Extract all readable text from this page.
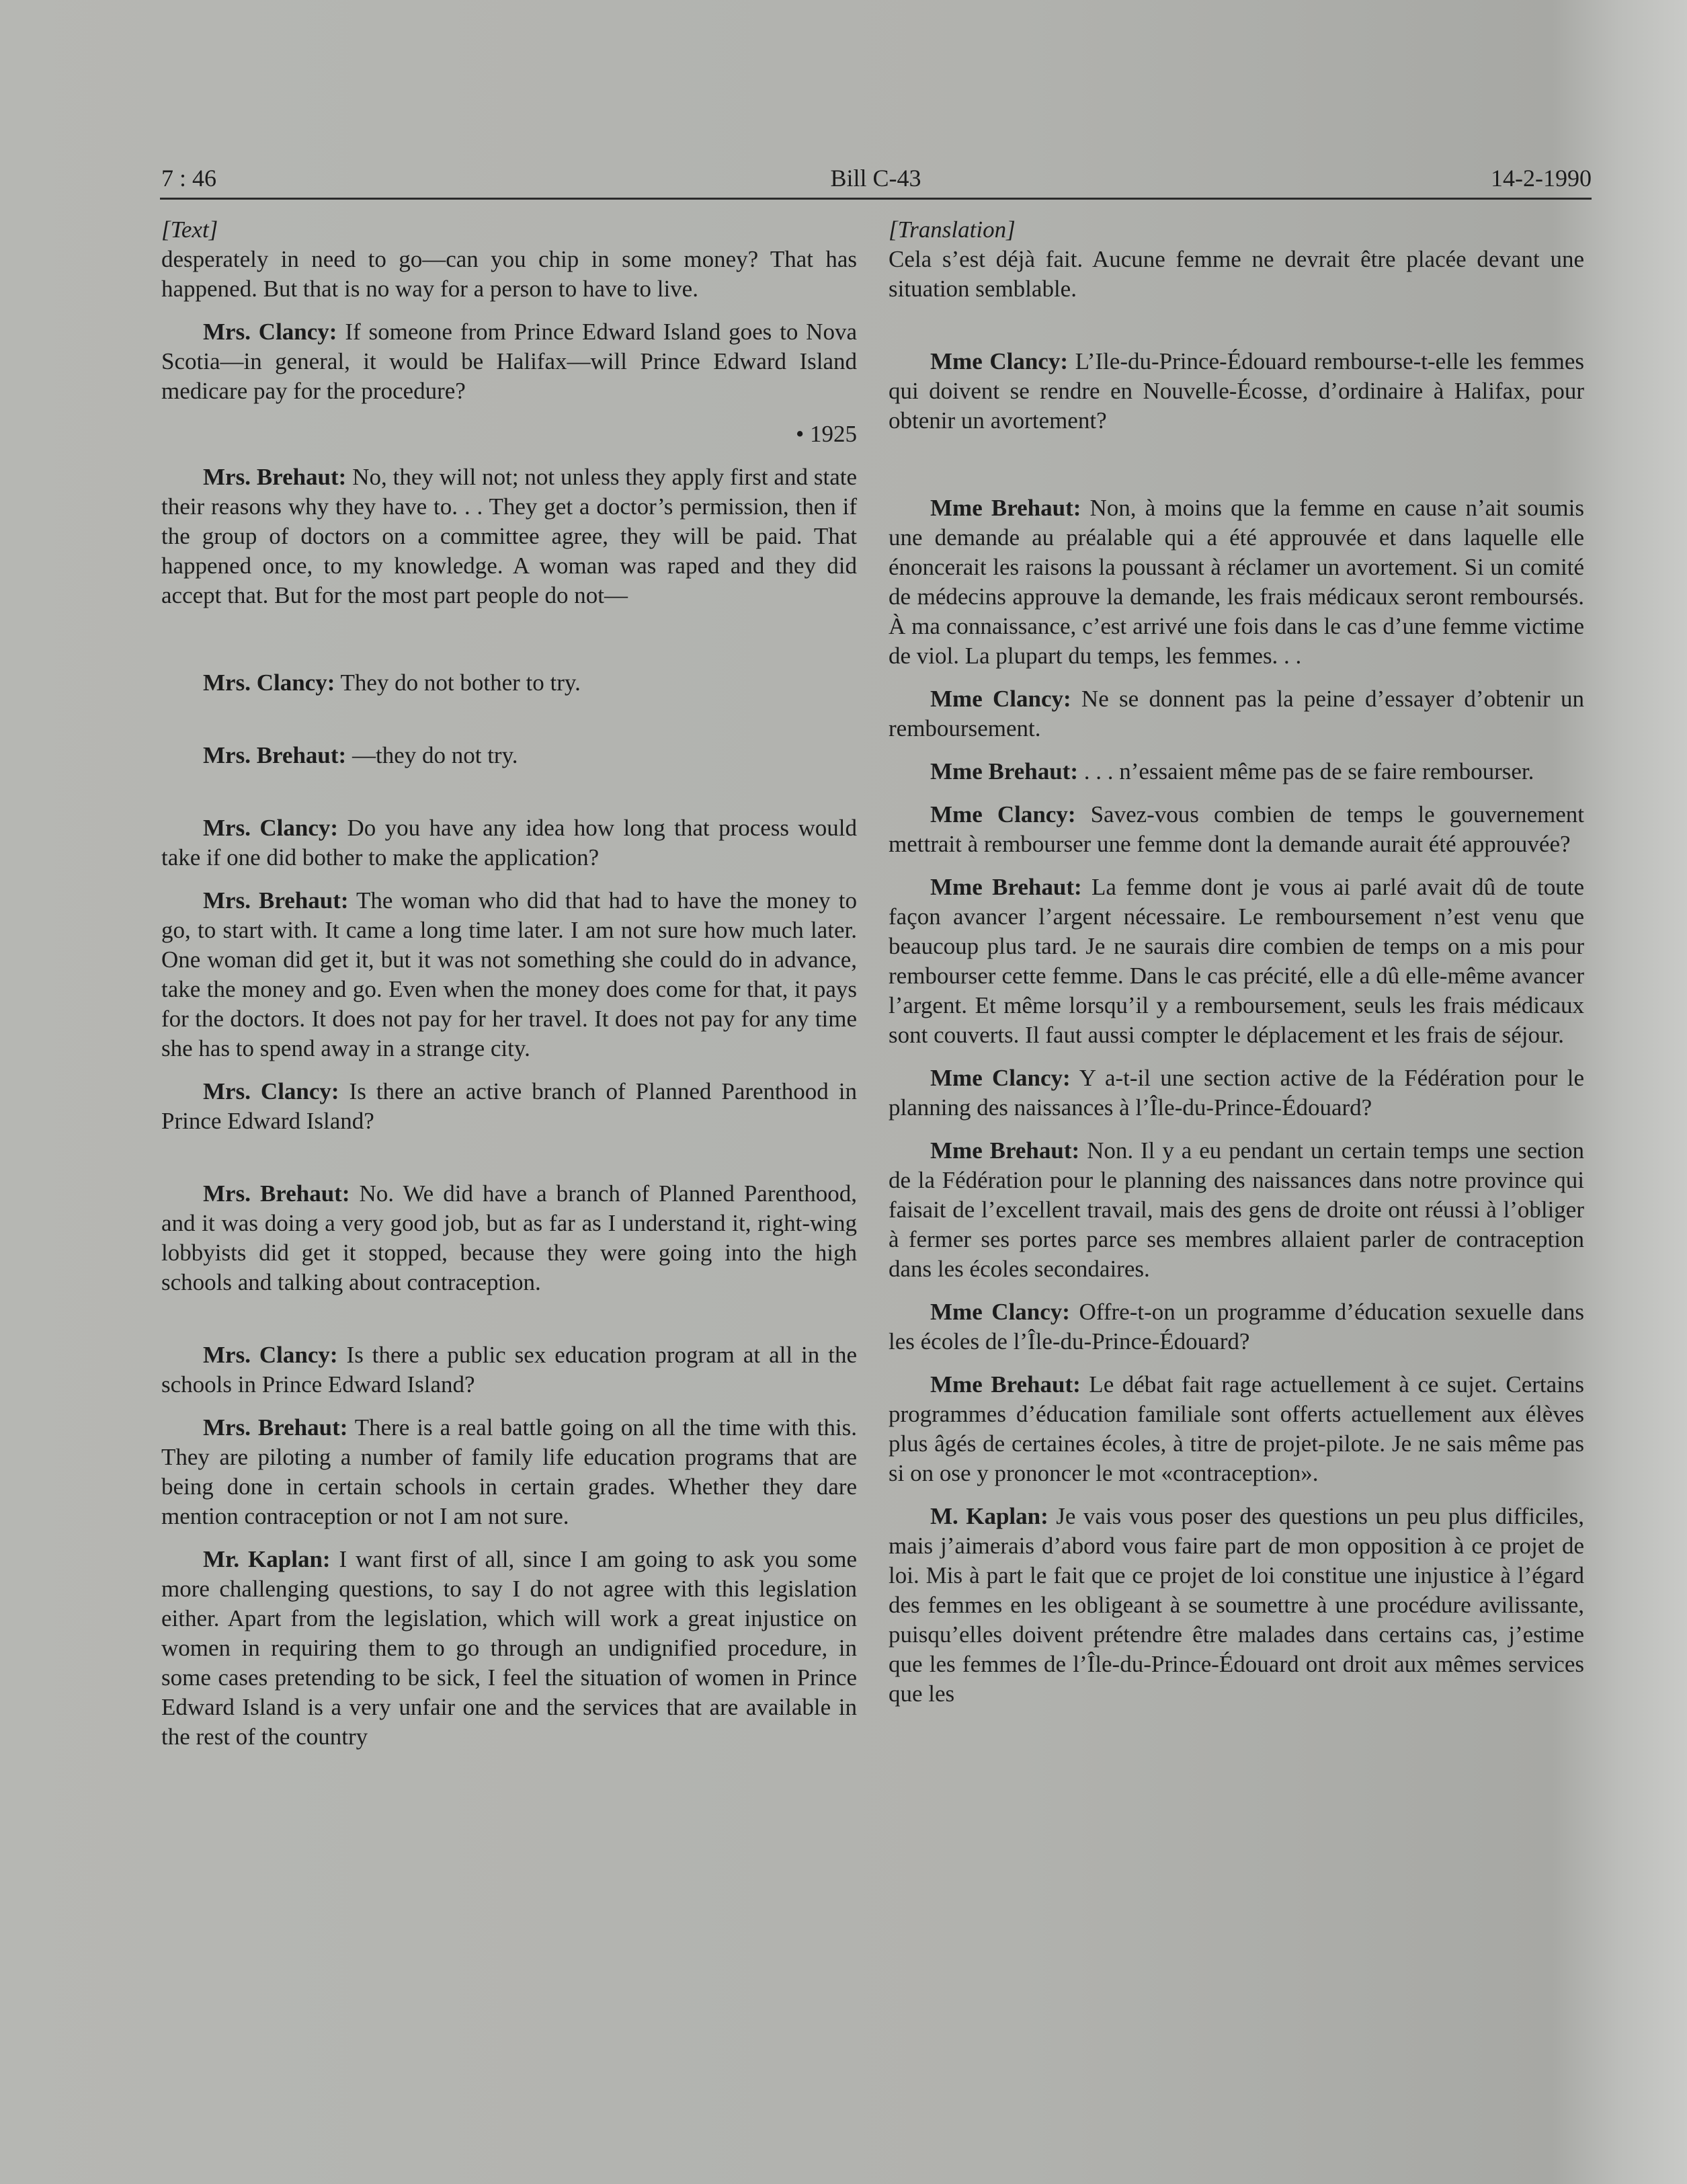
7 : 46	Bill C-43	14-2-1990

[Text]

desperately in need to go—can you chip in some money? That has happened. But that is no way for a person to have to live.

Mrs. Clancy: If someone from Prince Edward Island goes to Nova Scotia—in general, it would be Halifax—will Prince Edward Island medicare pay for the procedure?

• 1925

Mrs. Brehaut: No, they will not; not unless they apply first and state their reasons why they have to. . . They get a doctor’s permission, then if the group of doctors on a committee agree, they will be paid. That happened once, to my knowledge. A woman was raped and they did accept that. But for the most part people do not—

Mrs. Clancy: They do not bother to try.

Mrs. Brehaut: —they do not try.

Mrs. Clancy: Do you have any idea how long that process would take if one did bother to make the application?

Mrs. Brehaut: The woman who did that had to have the money to go, to start with. It came a long time later. I am not sure how much later. One woman did get it, but it was not something she could do in advance, take the money and go. Even when the money does come for that, it pays for the doctors. It does not pay for her travel. It does not pay for any time she has to spend away in a strange city.

Mrs. Clancy: Is there an active branch of Planned Parenthood in Prince Edward Island?

Mrs. Brehaut: No. We did have a branch of Planned Parenthood, and it was doing a very good job, but as far as I understand it, right-wing lobbyists did get it stopped, because they were going into the high schools and talking about contraception.

Mrs. Clancy: Is there a public sex education program at all in the schools in Prince Edward Island?

Mrs. Brehaut: There is a real battle going on all the time with this. They are piloting a number of family life education programs that are being done in certain schools in certain grades. Whether they dare mention contraception or not I am not sure.

Mr. Kaplan: I want first of all, since I am going to ask you some more challenging questions, to say I do not agree with this legislation either. Apart from the legislation, which will work a great injustice on women in requiring them to go through an undignified procedure, in some cases pretending to be sick, I feel the situation of women in Prince Edward Island is a very unfair one and the services that are available in the rest of the country

[Translation]

Cela s’est déjà fait. Aucune femme ne devrait être placée devant une situation semblable.

Mme Clancy: L’Ile-du-Prince-Édouard rembourse-t-elle les femmes qui doivent se rendre en Nouvelle-Écosse, d’ordinaire à Halifax, pour obtenir un avortement?

Mme Brehaut: Non, à moins que la femme en cause n’ait soumis une demande au préalable qui a été approuvée et dans laquelle elle énoncerait les raisons la poussant à réclamer un avortement. Si un comité de médecins approuve la demande, les frais médicaux seront remboursés. À ma connaissance, c’est arrivé une fois dans le cas d’une femme victime de viol. La plupart du temps, les femmes. . .

Mme Clancy: Ne se donnent pas la peine d’essayer d’obtenir un remboursement.

Mme Brehaut: . . . n’essaient même pas de se faire rembourser.

Mme Clancy: Savez-vous combien de temps le gouvernement mettrait à rembourser une femme dont la demande aurait été approuvée?

Mme Brehaut: La femme dont je vous ai parlé avait dû de toute façon avancer l’argent nécessaire. Le remboursement n’est venu que beaucoup plus tard. Je ne saurais dire combien de temps on a mis pour rembourser cette femme. Dans le cas précité, elle a dû elle-même avancer l’argent. Et même lorsqu’il y a remboursement, seuls les frais médicaux sont couverts. Il faut aussi compter le déplacement et les frais de séjour.

Mme Clancy: Y a-t-il une section active de la Fédération pour le planning des naissances à l’Île-du-Prince-Édouard?

Mme Brehaut: Non. Il y a eu pendant un certain temps une section de la Fédération pour le planning des naissances dans notre province qui faisait de l’excellent travail, mais des gens de droite ont réussi à l’obliger à fermer ses portes parce ses membres allaient parler de contraception dans les écoles secondaires.

Mme Clancy: Offre-t-on un programme d’éducation sexuelle dans les écoles de l’Île-du-Prince-Édouard?

Mme Brehaut: Le débat fait rage actuellement à ce sujet. Certains programmes d’éducation familiale sont offerts actuellement aux élèves plus âgés de certaines écoles, à titre de projet-pilote. Je ne sais même pas si on ose y prononcer le mot «contraception».

M. Kaplan: Je vais vous poser des questions un peu plus difficiles, mais j’aimerais d’abord vous faire part de mon opposition à ce projet de loi. Mis à part le fait que ce projet de loi constitue une injustice à l’égard des femmes en les obligeant à se soumettre à une procédure avilissante, puisqu’elles doivent prétendre être malades dans certains cas, j’estime que les femmes de l’Île-du-Prince-Édouard ont droit aux mêmes services que les
